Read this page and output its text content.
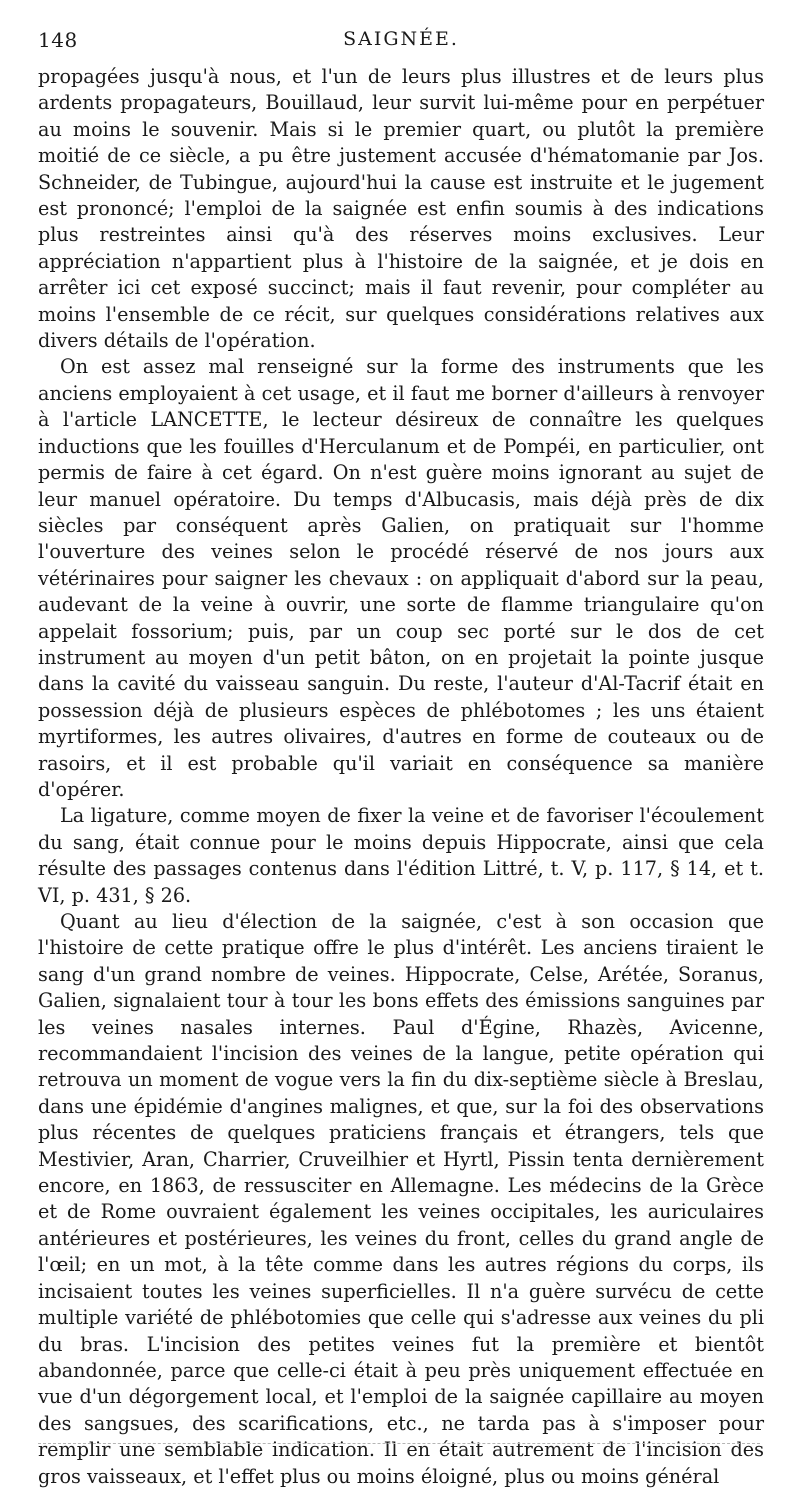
148	SAIGNÉE.

propagées jusqu'à nous, et l'un de leurs plus illustres et de leurs plus ardents propagateurs, Bouillaud, leur survit lui-même pour en perpétuer au moins le souvenir. Mais si le premier quart, ou plutôt la première moitié de ce siècle, a pu être justement accusée d'hématomanie par Jos. Schneider, de Tubingue, aujourd'hui la cause est instruite et le jugement est prononcé; l'emploi de la saignée est enfin soumis à des indications plus restreintes ainsi qu'à des réserves moins exclusives. Leur appréciation n'appartient plus à l'histoire de la saignée, et je dois en arrêter ici cet exposé succinct; mais il faut revenir, pour compléter au moins l'ensemble de ce récit, sur quelques considérations relatives aux divers détails de l'opération.

On est assez mal renseigné sur la forme des instruments que les anciens employaient à cet usage, et il faut me borner d'ailleurs à renvoyer à l'article LANCETTE, le lecteur désireux de connaître les quelques inductions que les fouilles d'Herculanum et de Pompéi, en particulier, ont permis de faire à cet égard. On n'est guère moins ignorant au sujet de leur manuel opératoire. Du temps d'Albucasis, mais déjà près de dix siècles par conséquent après Galien, on pratiquait sur l'homme l'ouverture des veines selon le procédé réservé de nos jours aux vétérinaires pour saigner les chevaux : on appliquait d'abord sur la peau, audevant de la veine à ouvrir, une sorte de flamme triangulaire qu'on appelait fossorium; puis, par un coup sec porté sur le dos de cet instrument au moyen d'un petit bâton, on en projetait la pointe jusque dans la cavité du vaisseau sanguin. Du reste, l'auteur d'Al-Tacrif était en possession déjà de plusieurs espèces de phlébotomes ; les uns étaient myrtiformes, les autres olivaires, d'autres en forme de couteaux ou de rasoirs, et il est probable qu'il variait en conséquence sa manière d'opérer.

La ligature, comme moyen de fixer la veine et de favoriser l'écoulement du sang, était connue pour le moins depuis Hippocrate, ainsi que cela résulte des passages contenus dans l'édition Littré, t. V, p. 117, § 14, et t. VI, p. 431, § 26.

Quant au lieu d'élection de la saignée, c'est à son occasion que l'histoire de cette pratique offre le plus d'intérêt. Les anciens tiraient le sang d'un grand nombre de veines. Hippocrate, Celse, Arétée, Soranus, Galien, signalaient tour à tour les bons effets des émissions sanguines par les veines nasales internes. Paul d'Égine, Rhazès, Avicenne, recommandaient l'incision des veines de la langue, petite opération qui retrouva un moment de vogue vers la fin du dix-septième siècle à Breslau, dans une épidémie d'angines malignes, et que, sur la foi des observations plus récentes de quelques praticiens français et étrangers, tels que Mestivier, Aran, Charrier, Cruveilhier et Hyrtl, Pissin tenta dernièrement encore, en 1863, de ressusciter en Allemagne. Les médecins de la Grèce et de Rome ouvraient également les veines occipitales, les auriculaires antérieures et postérieures, les veines du front, celles du grand angle de l'œil; en un mot, à la tête comme dans les autres régions du corps, ils incisaient toutes les veines superficielles. Il n'a guère survécu de cette multiple variété de phlébotomies que celle qui s'adresse aux veines du pli du bras. L'incision des petites veines fut la première et bientôt abandonnée, parce que celle-ci était à peu près uniquement effectuée en vue d'un dégorgement local, et l'emploi de la saignée capillaire au moyen des sangsues, des scarifications, etc., ne tarda pas à s'imposer pour remplir une semblable indication. Il en était autrement de l'incision des gros vaisseaux, et l'effet plus ou moins éloigné, plus ou moins général
